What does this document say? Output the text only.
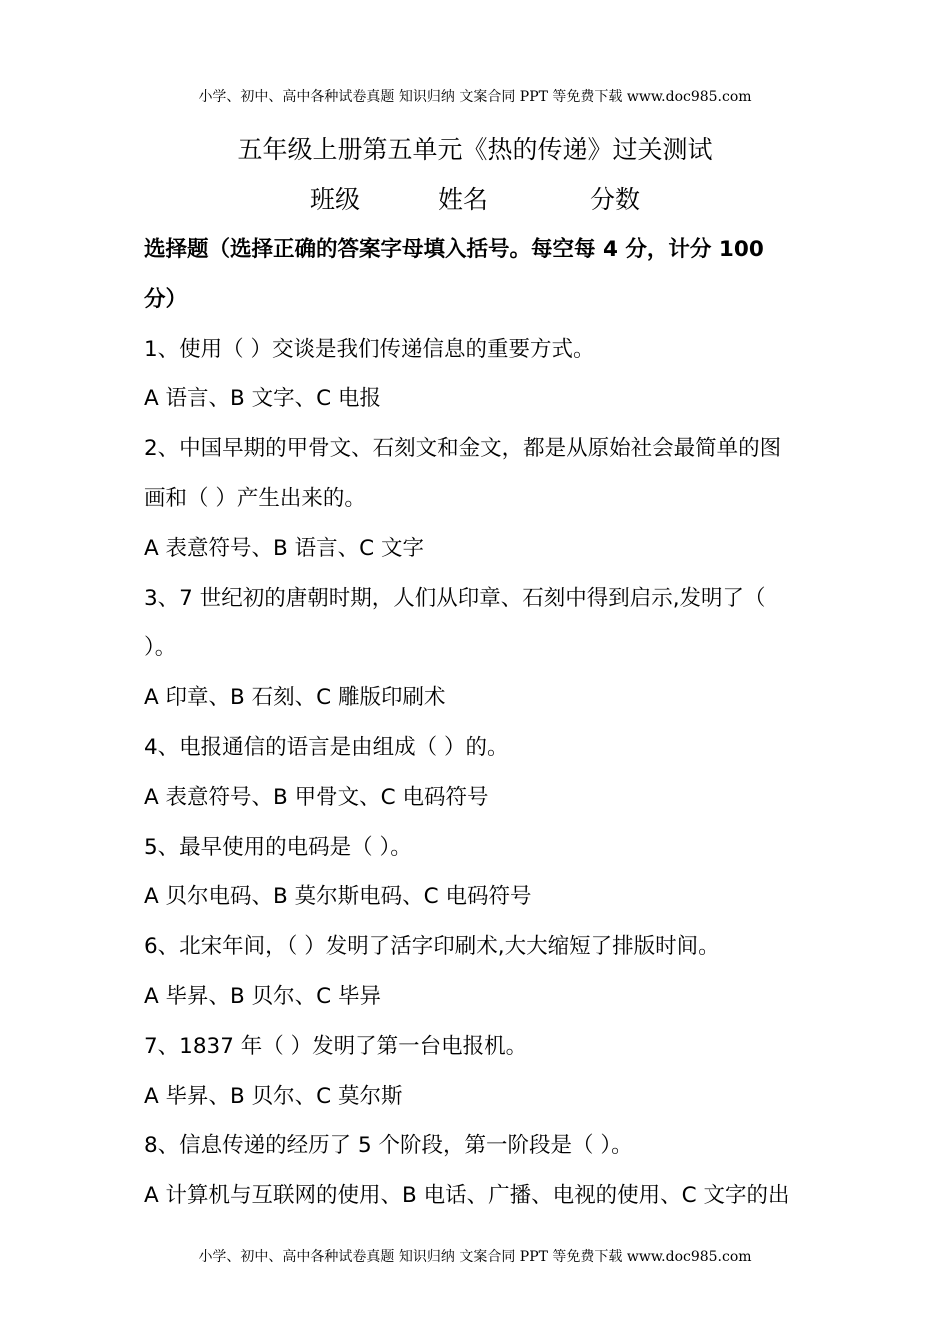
小学、初中、高中各种试卷真题 知识归纳 文案合同 PPT 等免费下载 www.doc985.com
五年级上册第五单元《热的传递》过关测试
班级	姓名	分数
选择题（选择正确的答案字母填入括号。每空每 4 分，计分 100
分）
1、使用（ ）交谈是我们传递信息的重要方式。
A 语言、B 文字、C 电报
2、中国早期的甲骨文、石刻文和金文，都是从原始社会最简单的图
画和（ ）产生出来的。
A 表意符号、B 语言、C 文字
3、7 世纪初的唐朝时期，人们从印章、石刻中得到启示,发明了（
）。
A 印章、B 石刻、C 雕版印刷术
4、电报通信的语言是由组成（ ）的。
A 表意符号、B 甲骨文、C 电码符号
5、最早使用的电码是（ ）。
A 贝尔电码、B 莫尔斯电码、C 电码符号
6、北宋年间，（ ）发明了活字印刷术,大大缩短了排版时间。
A 毕昇、B 贝尔、C 毕异
7、1837 年（ ）发明了第一台电报机。
A 毕昇、B 贝尔、C 莫尔斯
8、信息传递的经历了 5 个阶段，第一阶段是（ ）。
A 计算机与互联网的使用、B 电话、广播、电视的使用、C 文字的出
小学、初中、高中各种试卷真题 知识归纳 文案合同 PPT 等免费下载 www.doc985.com
